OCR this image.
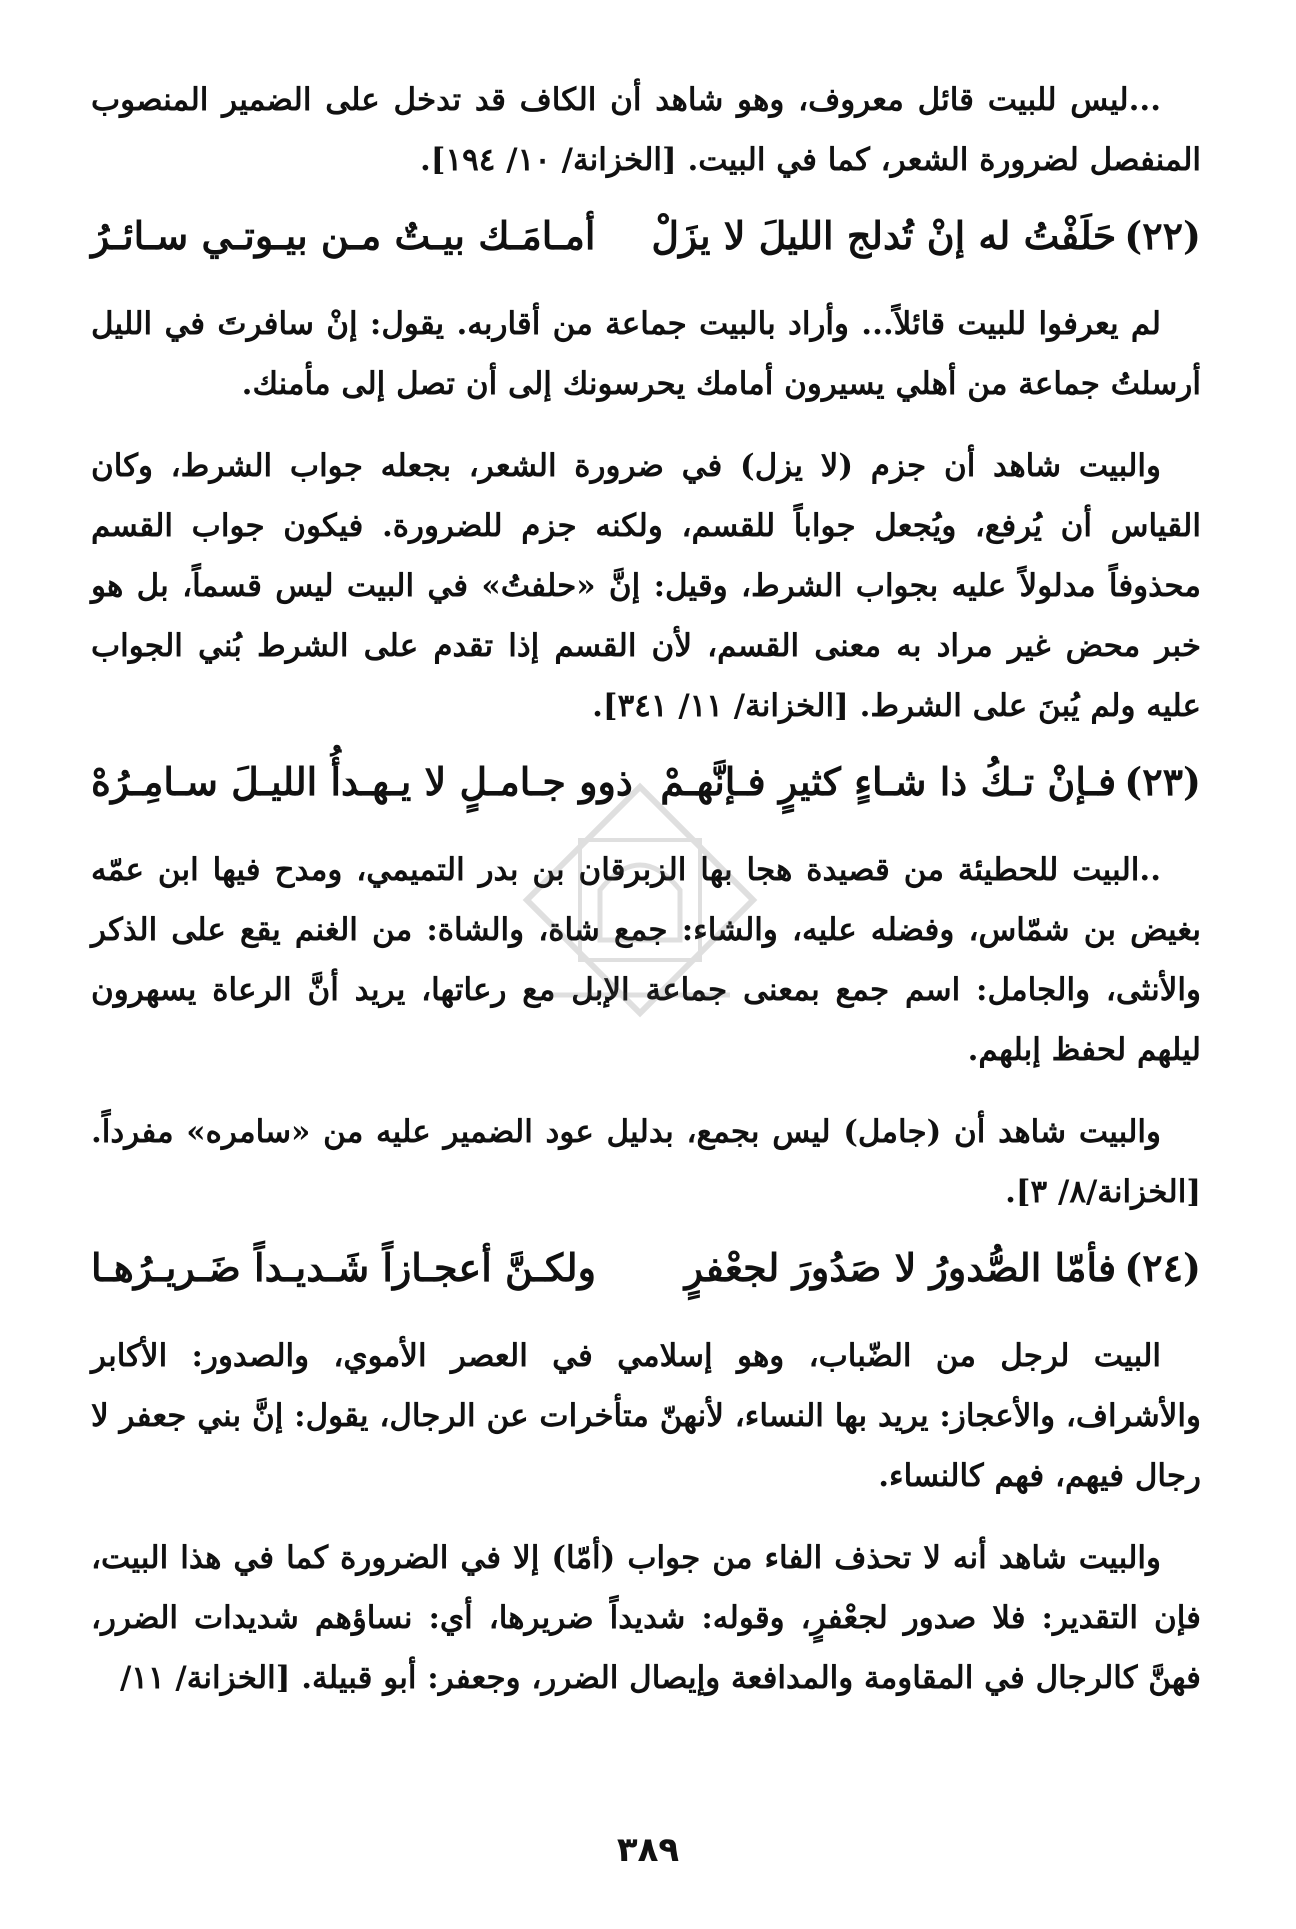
...ليس للبيت قائل معروف، وهو شاهد أن الكاف قد تدخل على الضمير المنصوب المنفصل لضرورة الشعر، كما في البيت. [الخزانة/ ١٠/ ١٩٤].

(٢٢)حَلَفْتُ له إنْ تُدلج الليلَ لا يزَلْ
أمـامَـك بيـتٌ مـن بيـوتـي سـائـرُ

لم يعرفوا للبيت قائلاً... وأراد بالبيت جماعة من أقاربه. يقول: إنْ سافرتَ في الليل أرسلتُ جماعة من أهلي يسيرون أمامك يحرسونك إلى أن تصل إلى مأمنك.

والبيت شاهد أن جزم (لا يزل) في ضرورة الشعر، بجعله جواب الشرط، وكان القياس أن يُرفع، ويُجعل جواباً للقسم، ولكنه جزم للضرورة. فيكون جواب القسم محذوفاً مدلولاً عليه بجواب الشرط، وقيل: إنَّ «حلفتُ» في البيت ليس قسماً، بل هو خبر محض غير مراد به معنى القسم، لأن القسم إذا تقدم على الشرط بُني الجواب عليه ولم يُبنَ على الشرط. [الخزانة/ ١١/ ٣٤١].

(٢٣)فـإنْ تـكُ ذا شـاءٍ كثيرٍ فـإنَّهـمْ
ذوو جـامـلٍ لا يـهـدأُ الليـلَ سـامِـرُهْ

..البيت للحطيئة من قصيدة هجا بها الزبرقان بن بدر التميمي، ومدح فيها ابن عمّه بغيض بن شمّاس، وفضله عليه، والشاء: جمع شاة، والشاة: من الغنم يقع على الذكر والأنثى، والجامل: اسم جمع بمعنى جماعة الإبل مع رعاتها، يريد أنَّ الرعاة يسهرون ليلهم لحفظ إبلهم.

والبيت شاهد أن (جامل) ليس بجمع، بدليل عود الضمير عليه من «سامره» مفرداً. [الخزانة/٨/ ٣].

(٢٤)فأمّا الصُّدورُ لا صَدُورَ لجعْفرٍ
ولكـنَّ أعجـازاً شَـديـداً ضَـريـرُهـا

البيت لرجل من الضّباب، وهو إسلامي في العصر الأموي، والصدور: الأكابر والأشراف، والأعجاز: يريد بها النساء، لأنهنّ متأخرات عن الرجال، يقول: إنَّ بني جعفر لا رجال فيهم، فهم كالنساء.

والبيت شاهد أنه لا تحذف الفاء من جواب (أمّا) إلا في الضرورة كما في هذا البيت، فإن التقدير: فلا صدور لجعْفرٍ، وقوله: شديداً ضريرها، أي: نساؤهم شديدات الضرر، فهنَّ كالرجال في المقاومة والمدافعة وإيصال الضرر، وجعفر: أبو قبيلة. [الخزانة/ ١١/

٣٨٩
